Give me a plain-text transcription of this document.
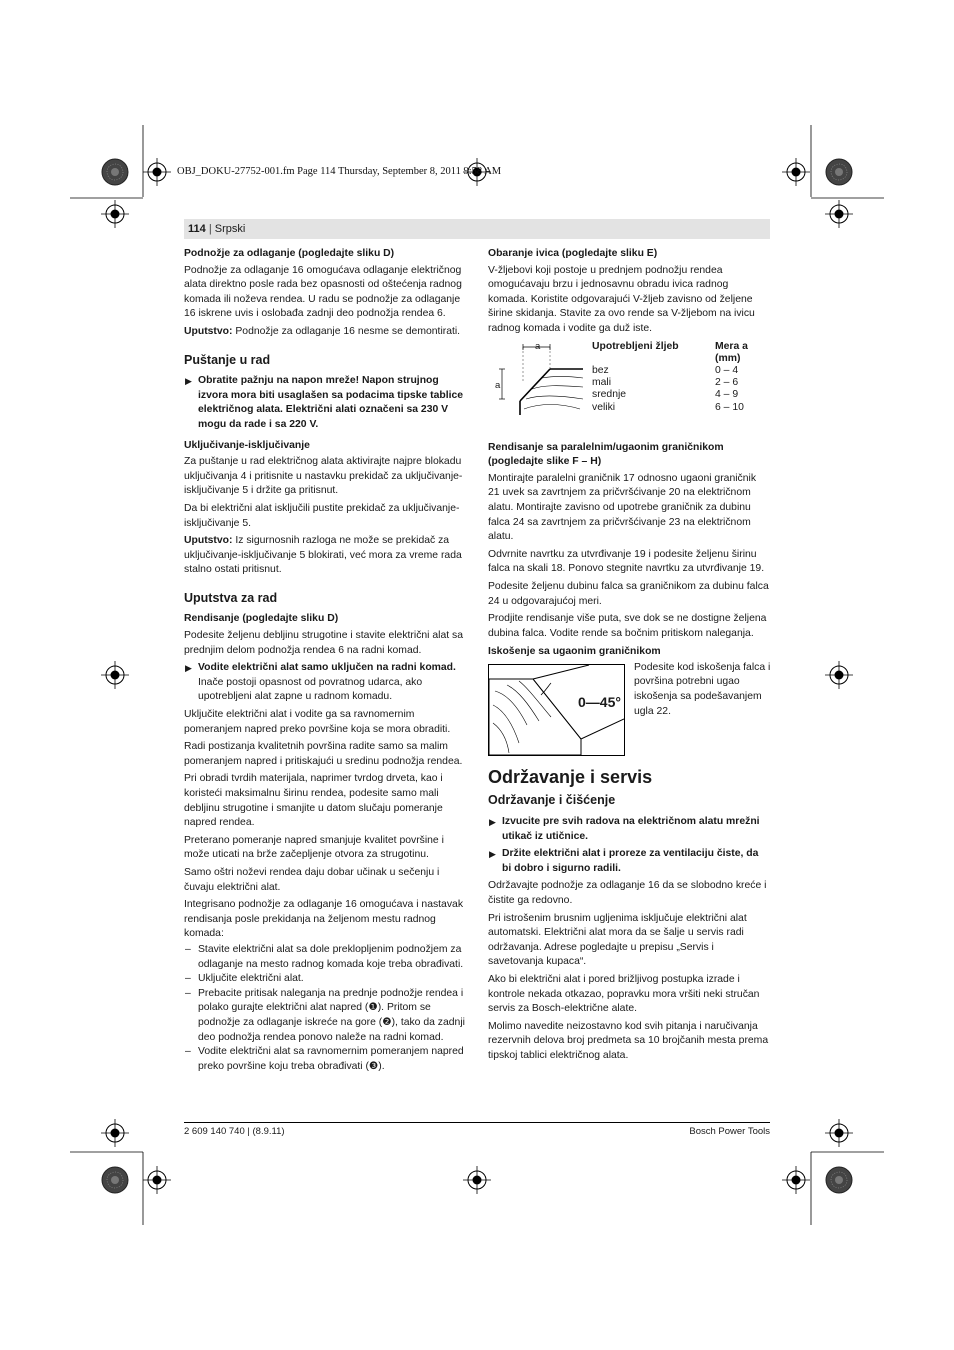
OBJ_DOKU-27752-001.fm Page 114 Thursday, September 8, 2011 9:58 AM
114 | Srpski
Podnožje za odlaganje (pogledajte sliku D)

Podnožje za odlaganje 16 omogućava odlaganje električnog alata direktno posle rada bez opasnosti od oštećenja radnog komada ili noževa rendea. U radu se podnožje za odlaganje 16 iskrene uvis i oslobađa zadnji deo podnožja rendea 6.

Uputstvo: Podnožje za odlaganje 16 nesme se demontirati.

Puštanje u rad
▶ Obratite pažnju na napon mreže! Napon strujnog izvora mora biti usaglašen sa podacima tipske tablice električnog alata. Električni alati označeni sa 230 V mogu da rade i sa 220 V.
Uključivanje-isključivanje

Za puštanje u rad električnog alata aktivirajte najpre blokadu uključivanja 4 i pritisnite u nastavku prekidač za uključivanje-isključivanje 5 i držite ga pritisnut.

Da bi električni alat isključili pustite prekidač za uključivanje-isključivanje 5.

Uputstvo: Iz sigurnosnih razloga ne može se prekidač za uključivanje-isključivanje 5 blokirati, već mora za vreme rada stalno ostati pritisnut.

Uputstva za rad
Rendisanje (pogledajte sliku D)

Podesite željenu debljinu strugotine i stavite električni alat sa prednjim delom podnožja rendea 6 na radni komad.

▶ Vodite električni alat samo uključen na radni komad.
Inače postoji opasnost od povratnog udarca, ako upotrebljeni alat zapne u radnom komadu.

Uključite električni alat i vodite ga sa ravnomernim pomeranjem napred preko površine koja se mora obraditi.

Radi postizanja kvalitetnih površina radite samo sa malim pomeranjem napred i pritiskajući u sredinu podnožja rendea.

Pri obradi tvrdih materijala, naprimer tvrdog drveta, kao i koristeći maksimalnu širinu rendea, podesite samo mali debljinu strugotine i smanjite u datom slučaju pomeranje napred rendea.

Preterano pomeranje napred smanjuje kvalitet površine i može uticati na brže začepljenje otvora za strugotinu.

Samo oštri noževi rendea daju dobar učinak u sečenju i čuvaju električni alat.

Integrisano podnožje za odlaganje 16 omogućava i nastavak rendisanja posle prekidanja na željenom mestu radnog komada:

– Stavite električni alat sa dole preklopljenim podnožjem za odlaganje na mesto radnog komada koje treba obrađivati.
– Uključite električni alat.
– Prebacite pritisak naleganja na prednje podnožje rendea i polako gurajte električni alat napred (❶). Pritom se podnožje za odlaganje iskreće na gore (❷), tako da zadnji deo podnožja rendea ponovo naleže na radni komad.
– Vodite električni alat sa ravnomernim pomeranjem napred preko površine koju treba obrađivati (❸).
Obaranje ivica (pogledajte sliku E)

V-žljebovi koji postoje u prednjem podnožju rendea omogućavaju brzu i jednosavnu obradu ivica radnog komada. Koristite odgovarajući V-žljeb zavisno od željene širine skidanja. Stavite za ovo rende sa V-žljebom na ivicu radnog komada i vodite ga duž iste.

a
a
Upotrebljeni žljeb	Mera a (mm)
bez	0 – 4
mali	2 – 6
srednje	4 – 9
veliki	6 – 10
Rendisanje sa paralelnim/ugaonim graničnikom (pogledajte slike F – H)

Montirajte paralelni graničnik 17 odnosno ugaoni graničnik 21 uvek sa zavrtnjem za pričvršćivanje 20 na električnom alatu. Montirajte zavisno od upotrebe graničnik za dubinu falca 24 sa zavrtnjem za pričvršćivanje 23 na električnom alatu.

Odvrnite navrtku za utvrđivanje 19 i podesite željenu širinu falca na skali 18. Ponovo stegnite navrtku za utvrđivanje 19.

Podesite željenu dubinu falca sa graničnikom za dubinu falca 24 u odgovarajućoj meri.

Prodjite rendisanje više puta, sve dok se ne dostigne željena dubina falca. Vodite rende sa bočnim pritiskom naleganja.

Iskošenje sa ugaonim graničnikom
0—45°

Podesite kod iskošenja falca i površina potrebni ugao iskošenja sa podešavanjem ugla 22.

Održavanje i servis
Održavanje i čišćenje
▶ Izvucite pre svih radova na električnom alatu mrežni utikač iz utičnice.
▶ Držite električni alat i proreze za ventilaciju čiste, da bi dobro i sigurno radili.

Održavajte podnožje za odlaganje 16 da se slobodno kreće i čistite ga redovno.

Pri istrošenim brusnim ugljenima isključuje električni alat automatski. Električni alat mora da se šalje u servis radi održavanja. Adrese pogledajte u prepisu „Servis i savetovanja kupaca“.

Ako bi električni alat i pored brižljivog postupka izrade i kontrole nekada otkazao, popravku mora vršiti neki stručan servis za Bosch-električne alate.

Molimo navedite neizostavno kod svih pitanja i naručivanja rezervnih delova broj predmeta sa 10 brojčanih mesta prema tipskoj tablici električnog alata.

2 609 140 740 | (8.9.11)	Bosch Power Tools
